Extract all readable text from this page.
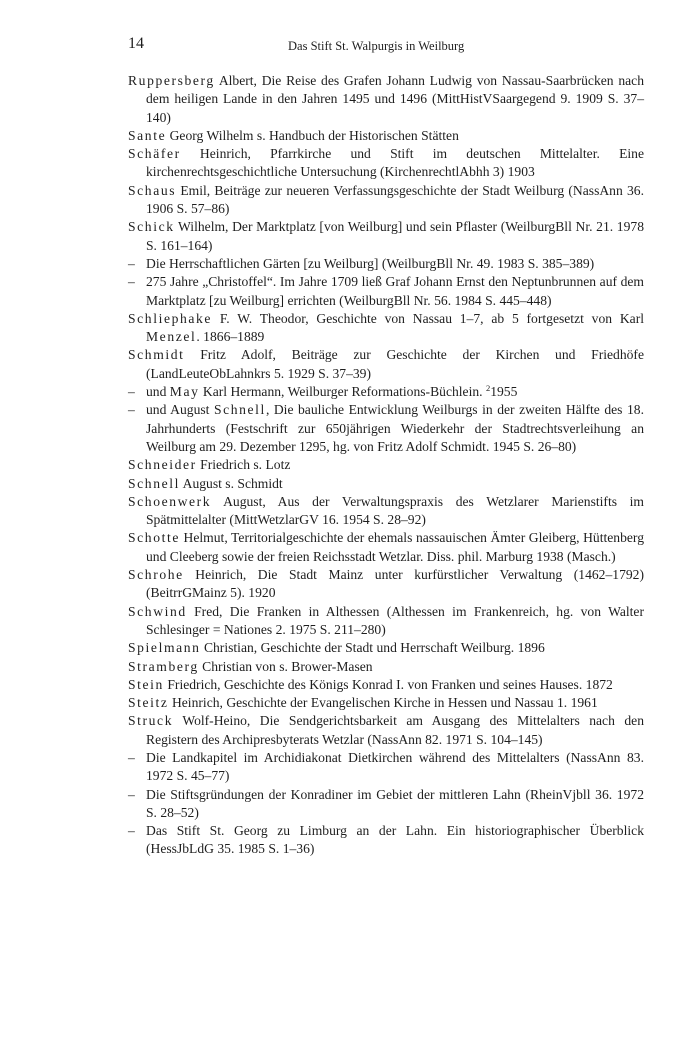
14	Das Stift St. Walpurgis in Weilburg
Ruppersberg Albert, Die Reise des Grafen Johann Ludwig von Nassau-Saarbrücken nach dem heiligen Lande in den Jahren 1495 und 1496 (MittHistVSaargegend 9. 1909 S. 37–140)
Sante Georg Wilhelm s. Handbuch der Historischen Stätten
Schäfer Heinrich, Pfarrkirche und Stift im deutschen Mittelalter. Eine kirchenrechtsgeschichtliche Untersuchung (KirchenrechtlAbhh 3) 1903
Schaus Emil, Beiträge zur neueren Verfassungsgeschichte der Stadt Weilburg (NassAnn 36. 1906 S. 57–86)
Schick Wilhelm, Der Marktplatz [von Weilburg] und sein Pflaster (WeilburgBll Nr. 21. 1978 S. 161–164)
– Die Herrschaftlichen Gärten [zu Weilburg] (WeilburgBll Nr. 49. 1983 S. 385–389)
– 275 Jahre „Christoffel“. Im Jahre 1709 ließ Graf Johann Ernst den Neptunbrunnen auf dem Marktplatz [zu Weilburg] errichten (WeilburgBll Nr. 56. 1984 S. 445–448)
Schliephake F. W. Theodor, Geschichte von Nassau 1–7, ab 5 fortgesetzt von Karl Menzel. 1866–1889
Schmidt Fritz Adolf, Beiträge zur Geschichte der Kirchen und Friedhöfe (LandLeuteObLahnkrs 5. 1929 S. 37–39)
– und May Karl Hermann, Weilburger Reformations-Büchlein. $^2$1955
– und August Schnell, Die bauliche Entwicklung Weilburgs in der zweiten Hälfte des 18. Jahrhunderts (Festschrift zur 650jährigen Wiederkehr der Stadtrechtsverleihung an Weilburg am 29. Dezember 1295, hg. von Fritz Adolf Schmidt. 1945 S. 26–80)
Schneider Friedrich s. Lotz
Schnell August s. Schmidt
Schoenwerk August, Aus der Verwaltungspraxis des Wetzlarer Marienstifts im Spätmittelalter (MittWetzlarGV 16. 1954 S. 28–92)
Schotte Helmut, Territorialgeschichte der ehemals nassauischen Ämter Gleiberg, Hüttenberg und Cleeberg sowie der freien Reichsstadt Wetzlar. Diss. phil. Marburg 1938 (Masch.)
Schrohe Heinrich, Die Stadt Mainz unter kurfürstlicher Verwaltung (1462–1792) (BeitrrGMainz 5). 1920
Schwind Fred, Die Franken in Althessen (Althessen im Frankenreich, hg. von Walter Schlesinger = Nationes 2. 1975 S. 211–280)
Spielmann Christian, Geschichte der Stadt und Herrschaft Weilburg. 1896
Stramberg Christian von s. Brower-Masen
Stein Friedrich, Geschichte des Königs Konrad I. von Franken und seines Hauses. 1872
Steitz Heinrich, Geschichte der Evangelischen Kirche in Hessen und Nassau 1. 1961
Struck Wolf-Heino, Die Sendgerichtsbarkeit am Ausgang des Mittelalters nach den Registern des Archipresbyterats Wetzlar (NassAnn 82. 1971 S. 104–145)
– Die Landkapitel im Archidiakonat Dietkirchen während des Mittelalters (NassAnn 83. 1972 S. 45–77)
– Die Stiftsgründungen der Konradiner im Gebiet der mittleren Lahn (RheinVjbll 36. 1972 S. 28–52)
– Das Stift St. Georg zu Limburg an der Lahn. Ein historiographischer Überblick (HessJbLdG 35. 1985 S. 1–36)
